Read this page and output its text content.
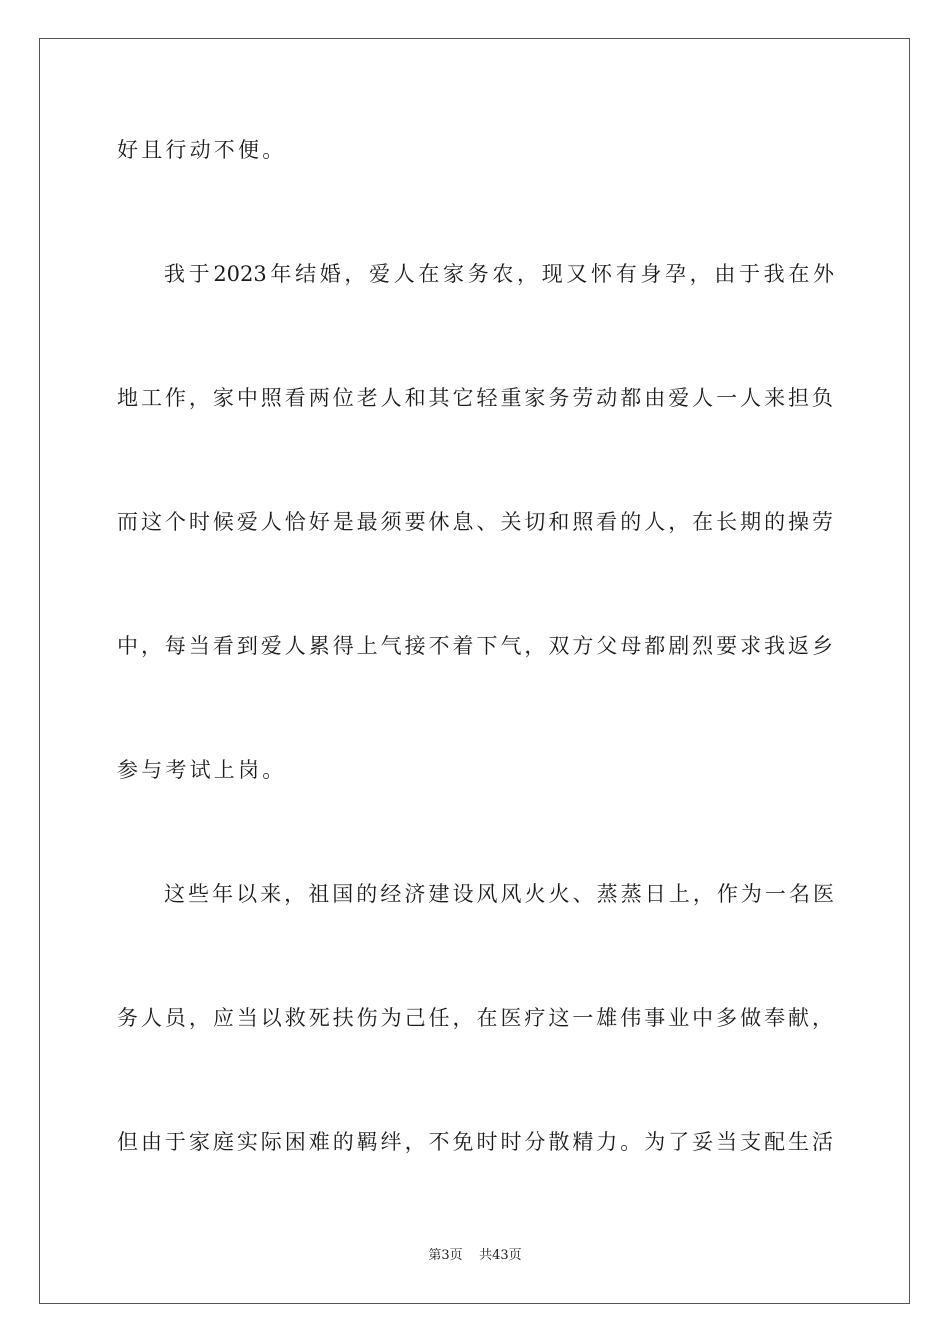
好且行动不便。
我于2023年结婚，爱人在家务农，现又怀有身孕，由于我在外
地工作，家中照看两位老人和其它轻重家务劳动都由爱人一人来担负
而这个时候爱人恰好是最须要休息、关切和照看的人，在长期的操劳
中，每当看到爱人累得上气接不着下气，双方父母都剧烈要求我返乡
参与考试上岗。
这些年以来，祖国的经济建设风风火火、蒸蒸日上，作为一名医
务人员，应当以救死扶伤为己任，在医疗这一雄伟事业中多做奉献，
但由于家庭实际困难的羁绊，不免时时分散精力。为了妥当支配生活
第3页 共43页
